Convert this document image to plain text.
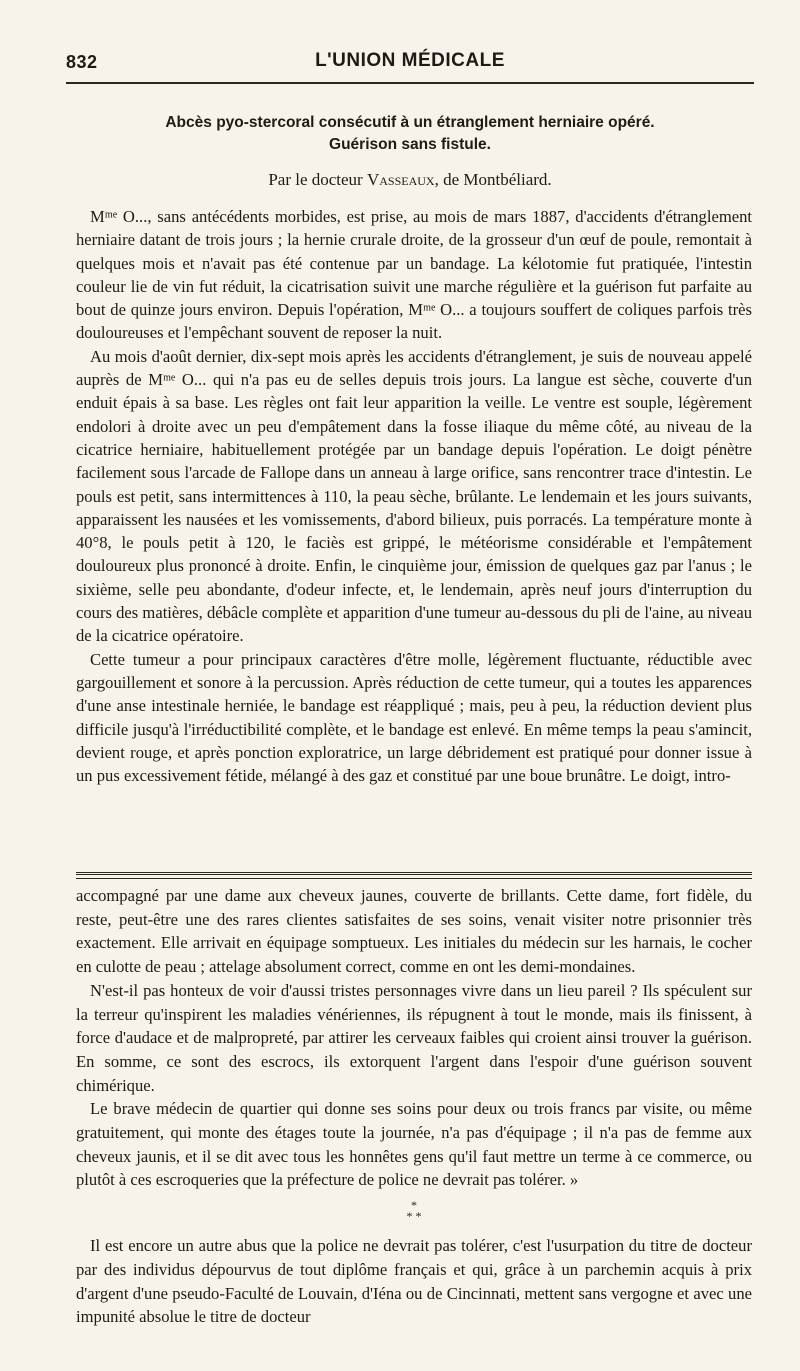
832	L'UNION MÉDICALE
Abcès pyo-stercoral consécutif à un étranglement herniaire opéré.
Guérison sans fistule.
Par le docteur Vasseaux, de Montbéliard.

Mᵐᵉ O..., sans antécédents morbides, est prise, au mois de mars 1887, d'accidents d'étranglement herniaire datant de trois jours ; la hernie crurale droite, de la grosseur d'un œuf de poule, remontait à quelques mois et n'avait pas été contenue par un bandage. La kélotomie fut pratiquée, l'intestin couleur lie de vin fut réduit, la cicatrisation suivit une marche régulière et la guérison fut parfaite au bout de quinze jours environ. Depuis l'opération, Mᵐᵉ O... a toujours souffert de coliques parfois très douloureuses et l'empêchant souvent de reposer la nuit.

Au mois d'août dernier, dix-sept mois après les accidents d'étranglement, je suis de nouveau appelé auprès de Mᵐᵉ O... qui n'a pas eu de selles depuis trois jours. La langue est sèche, couverte d'un enduit épais à sa base. Les règles ont fait leur apparition la veille. Le ventre est souple, légèrement endolori à droite avec un peu d'empâtement dans la fosse iliaque du même côté, au niveau de la cicatrice herniaire, habituellement protégée par un bandage depuis l'opération. Le doigt pénètre facilement sous l'arcade de Fallope dans un anneau à large orifice, sans rencontrer trace d'intestin. Le pouls est petit, sans intermittences à 110, la peau sèche, brûlante. Le lendemain et les jours suivants, apparaissent les nausées et les vomissements, d'abord bilieux, puis porracés. La température monte à 40°8, le pouls petit à 120, le faciès est grippé, le météorisme considérable et l'empâtement douloureux plus prononcé à droite. Enfin, le cinquième jour, émission de quelques gaz par l'anus ; le sixième, selle peu abondante, d'odeur infecte, et, le lendemain, après neuf jours d'interruption du cours des matières, débâcle complète et apparition d'une tumeur au-dessous du pli de l'aine, au niveau de la cicatrice opératoire.

Cette tumeur a pour principaux caractères d'être molle, légèrement fluctuante, réductible avec gargouillement et sonore à la percussion. Après réduction de cette tumeur, qui a toutes les apparences d'une anse intestinale herniée, le bandage est réappliqué ; mais, peu à peu, la réduction devient plus difficile jusqu'à l'irréductibilité complète, et le bandage est enlevé. En même temps la peau s'amincit, devient rouge, et après ponction exploratrice, un large débridement est pratiqué pour donner issue à un pus excessivement fétide, mélangé à des gaz et constitué par une boue brunâtre. Le doigt, intro-

accompagné par une dame aux cheveux jaunes, couverte de brillants. Cette dame, fort fidèle, du reste, peut-être une des rares clientes satisfaites de ses soins, venait visiter notre prisonnier très exactement. Elle arrivait en équipage somptueux. Les initiales du médecin sur les harnais, le cocher en culotte de peau ; attelage absolument correct, comme en ont les demi-mondaines.

N'est-il pas honteux de voir d'aussi tristes personnages vivre dans un lieu pareil ? Ils spéculent sur la terreur qu'inspirent les maladies vénériennes, ils répugnent à tout le monde, mais ils finissent, à force d'audace et de malpropreté, par attirer les cerveaux faibles qui croient ainsi trouver la guérison. En somme, ce sont des escrocs, ils extorquent l'argent dans l'espoir d'une guérison souvent chimérique.

Le brave médecin de quartier qui donne ses soins pour deux ou trois francs par visite, ou même gratuitement, qui monte des étages toute la journée, n'a pas d'équipage ; il n'a pas de femme aux cheveux jaunis, et il se dit avec tous les honnêtes gens qu'il faut mettre un terme à ce commerce, ou plutôt à ces escroqueries que la préfecture de police ne devrait pas tolérer. »

*
* *

Il est encore un autre abus que la police ne devrait pas tolérer, c'est l'usurpation du titre de docteur par des individus dépourvus de tout diplôme français et qui, grâce à un parchemin acquis à prix d'argent d'une pseudo-Faculté de Louvain, d'Iéna ou de Cincinnati, mettent sans vergogne et avec une impunité absolue le titre de docteur
